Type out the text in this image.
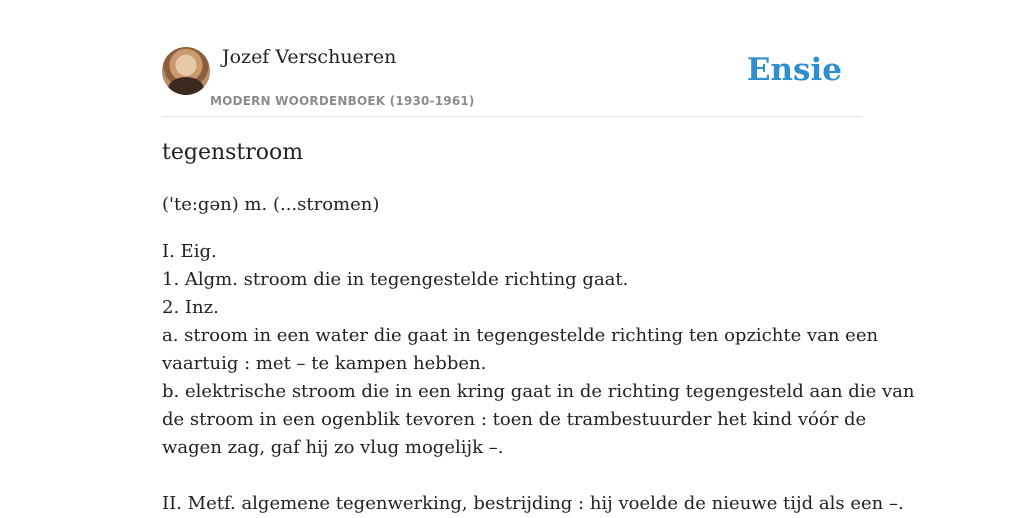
Jozef Verschueren
MODERN WOORDENBOEK (1930-1961)
Ensie
tegenstroom
('te:gən) m. (...stromen)
I. Eig.
1. Algm. stroom die in tegengestelde richting gaat.
2. Inz.
a. stroom in een water die gaat in tegengestelde richting ten opzichte van een
vaartuig : met – te kampen hebben.
b. elektrische stroom die in een kring gaat in de richting tegengesteld aan die van
de stroom in een ogenblik tevoren : toen de trambestuurder het kind vóór de
wagen zag, gaf hij zo vlug mogelijk –.
II. Metf. algemene tegenwerking, bestrijding : hij voelde de nieuwe tijd als een –.
